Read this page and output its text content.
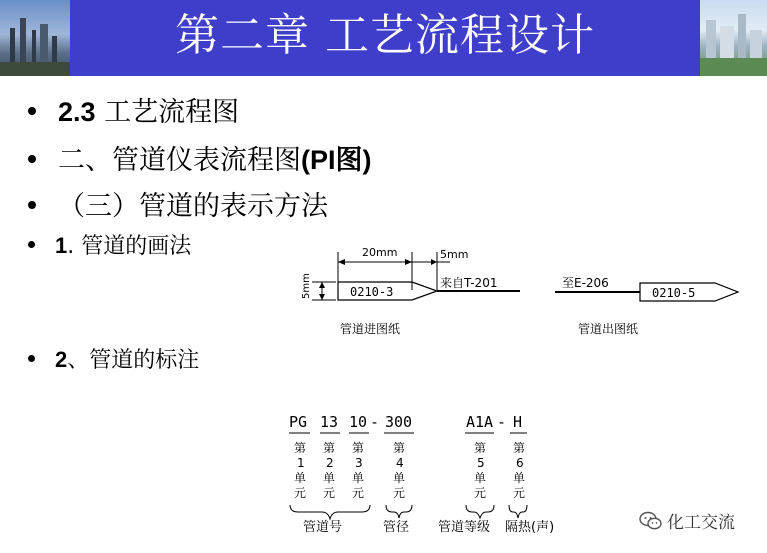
第二章 工艺流程设计
2.3 工艺流程图
二、管道仪表流程图(PI图)
（三）管道的表示方法
1. 管道的画法
2、管道的标注
20mm	5mm
5mm	0210-3
来自T-201
管道进图纸
至E-206
0210-5
管道出图纸
PG 13 10 - 300	A1A - H
第
1
单
元
第
2
单
元
第
3
单
元
第
4
单
元
第
5
单
元
第
6
单
元
管道号	管径 管道等级 隔热(声)	化工交流
